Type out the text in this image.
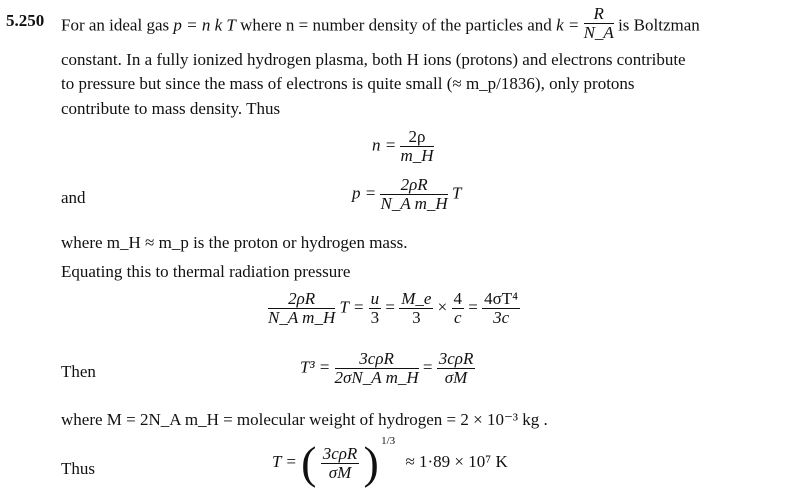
5.250 For an ideal gas p = n k T where n = number density of the particles and $k = \frac{R}{N\_A}$ is Boltzman
constant. In a fully ionized hydrogen plasma, both H ions (protons) and electrons contribute
to pressure but since the mass of electrons is quite small (≈ m_p/1836), only protons
contribute to mass density. Thus
$n = \frac{2\rho}{m\_H}$
and	$p = \frac{2\rho R}{\text{N\_A m\_H}}$ T
where m_H ≈ m_p is the proton or hydrogen mass.
Equating this to thermal radiation pressure
$\frac{2\rho R}{\text{N\_A m\_H}}$ $T = \frac{u}{3} = \frac{M\_e}{3} \times \frac{4}{c} = \frac{\text{4σT⁴}}{3c}$
Then	$T^3 = \frac{\text{3cρR}}{\text{2σN\_A m\_H}} = \frac{\text{3cρR}}{\sigma M}$
where M = 2N_A m_H = molecular weight of hydrogen = 2 × 10⁻³ kg .
Thus	T = ( $\frac{\text{3cρR}}{\sigma M}$ ) $^{1/3}$ ≈ 1·89 × 10⁷ K
